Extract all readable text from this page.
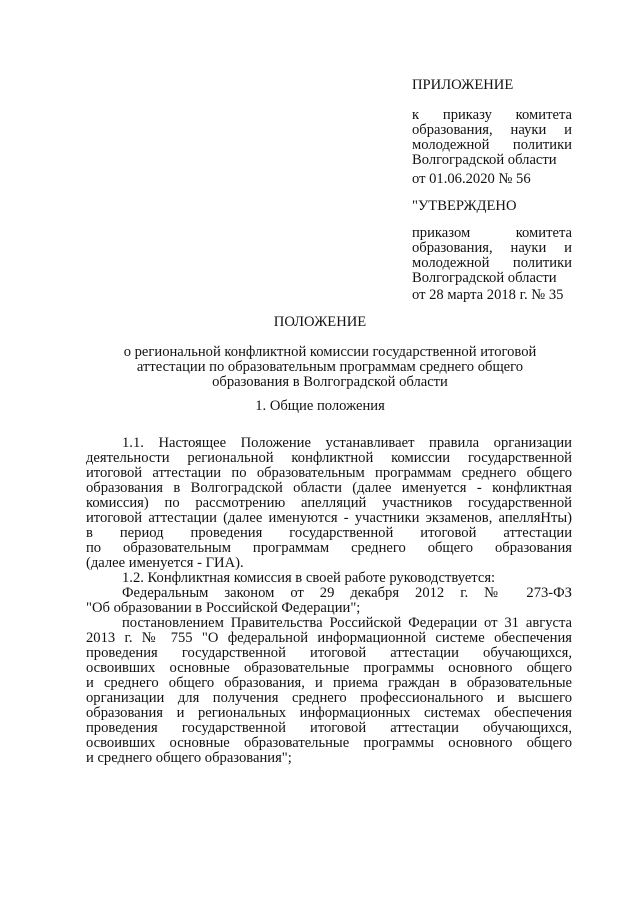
ПРИЛОЖЕНИЕ
к приказу комитета
образования, науки и
молодежной политики
Волгоградской области
от 01.06.2020 № 56
"УТВЕРЖДЕНО
приказом комитета
образования, науки и
молодежной политики
Волгоградской области
от 28 марта 2018 г. № 35
ПОЛОЖЕНИЕ
о региональной конфликтной комиссии государственной итоговой
аттестации по образовательным программам среднего общего
образования в Волгоградской области
1. Общие положения
1.1. Настоящее Положение устанавливает правила организации
деятельности региональной конфликтной комиссии государственной
итоговой аттестации по образовательным программам среднего общего
образования в Волгоградской области (далее именуется - конфликтная
комиссия) по рассмотрению апелляций участников государственной
итоговой аттестации (далее именуются - участники экзаменов, апелляНты)
в период проведения государственной итоговой аттестации
по образовательным программам среднего общего образования
(далее именуется - ГИА).
1.2. Конфликтная комиссия в своей работе руководствуется:
Федеральным законом от 29 декабря 2012 г. № 273-ФЗ
"Об образовании в Российской Федерации";
постановлением Правительства Российской Федерации от 31 августа
2013 г. № 755 "О федеральной информационной системе обеспечения
проведения государственной итоговой аттестации обучающихся,
освоивших основные образовательные программы основного общего
и среднего общего образования, и приема граждан в образовательные
организации для получения среднего профессионального и высшего
образования и региональных информационных системах обеспечения
проведения государственной итоговой аттестации обучающихся,
освоивших основные образовательные программы основного общего
и среднего общего образования";
